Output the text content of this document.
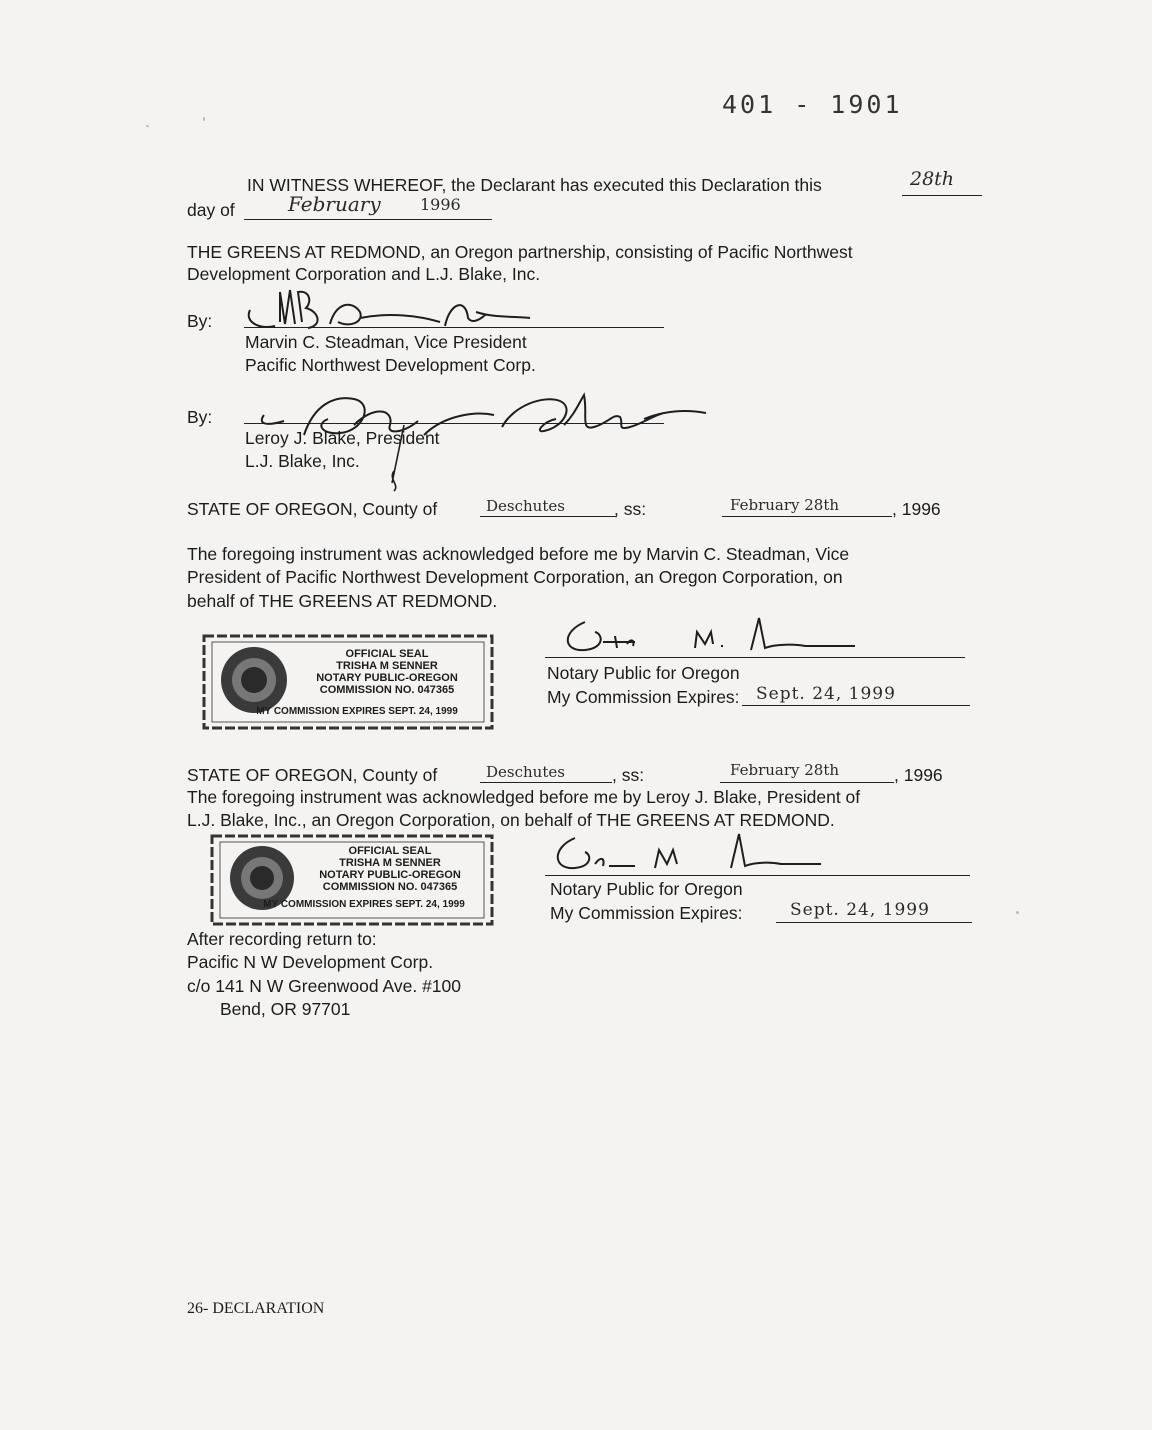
401 - 1901
IN WITNESS WHEREOF, the Declarant has executed this Declaration this	28th
day of	February 1996
THE GREENS AT REDMOND, an Oregon partnership, consisting of Pacific Northwest
Development Corporation and L.J. Blake, Inc.
By:
Marvin C. Steadman, Vice President
Pacific Northwest Development Corp.
By:
Leroy J. Blake, President
L.J. Blake, Inc.
STATE OF OREGON, County of	Deschutes	, ss:	February 28th	, 1996
The foregoing instrument was acknowledged before me by Marvin C. Steadman, Vice
President of Pacific Northwest Development Corporation, an Oregon Corporation, on
behalf of THE GREENS AT REDMOND.
OFFICIAL SEAL
TRISHA M SENNER
NOTARY PUBLIC-OREGON
COMMISSION NO. 047365
MY COMMISSION EXPIRES SEPT. 24, 1999
Notary Public for Oregon
My Commission Expires: Sept. 24, 1999
STATE OF OREGON, County of	Deschutes	, ss:	February 28th	, 1996
The foregoing instrument was acknowledged before me by Leroy J. Blake, President of
L.J. Blake, Inc., an Oregon Corporation, on behalf of THE GREENS AT REDMOND.
OFFICIAL SEAL
TRISHA M SENNER
NOTARY PUBLIC-OREGON
COMMISSION NO. 047365
MY COMMISSION EXPIRES SEPT. 24, 1999
Notary Public for Oregon
My Commission Expires:	Sept. 24, 1999
After recording return to:
Pacific N W Development Corp.
c/o 141 N W Greenwood Ave. #100
Bend, OR 97701
26- DECLARATION
